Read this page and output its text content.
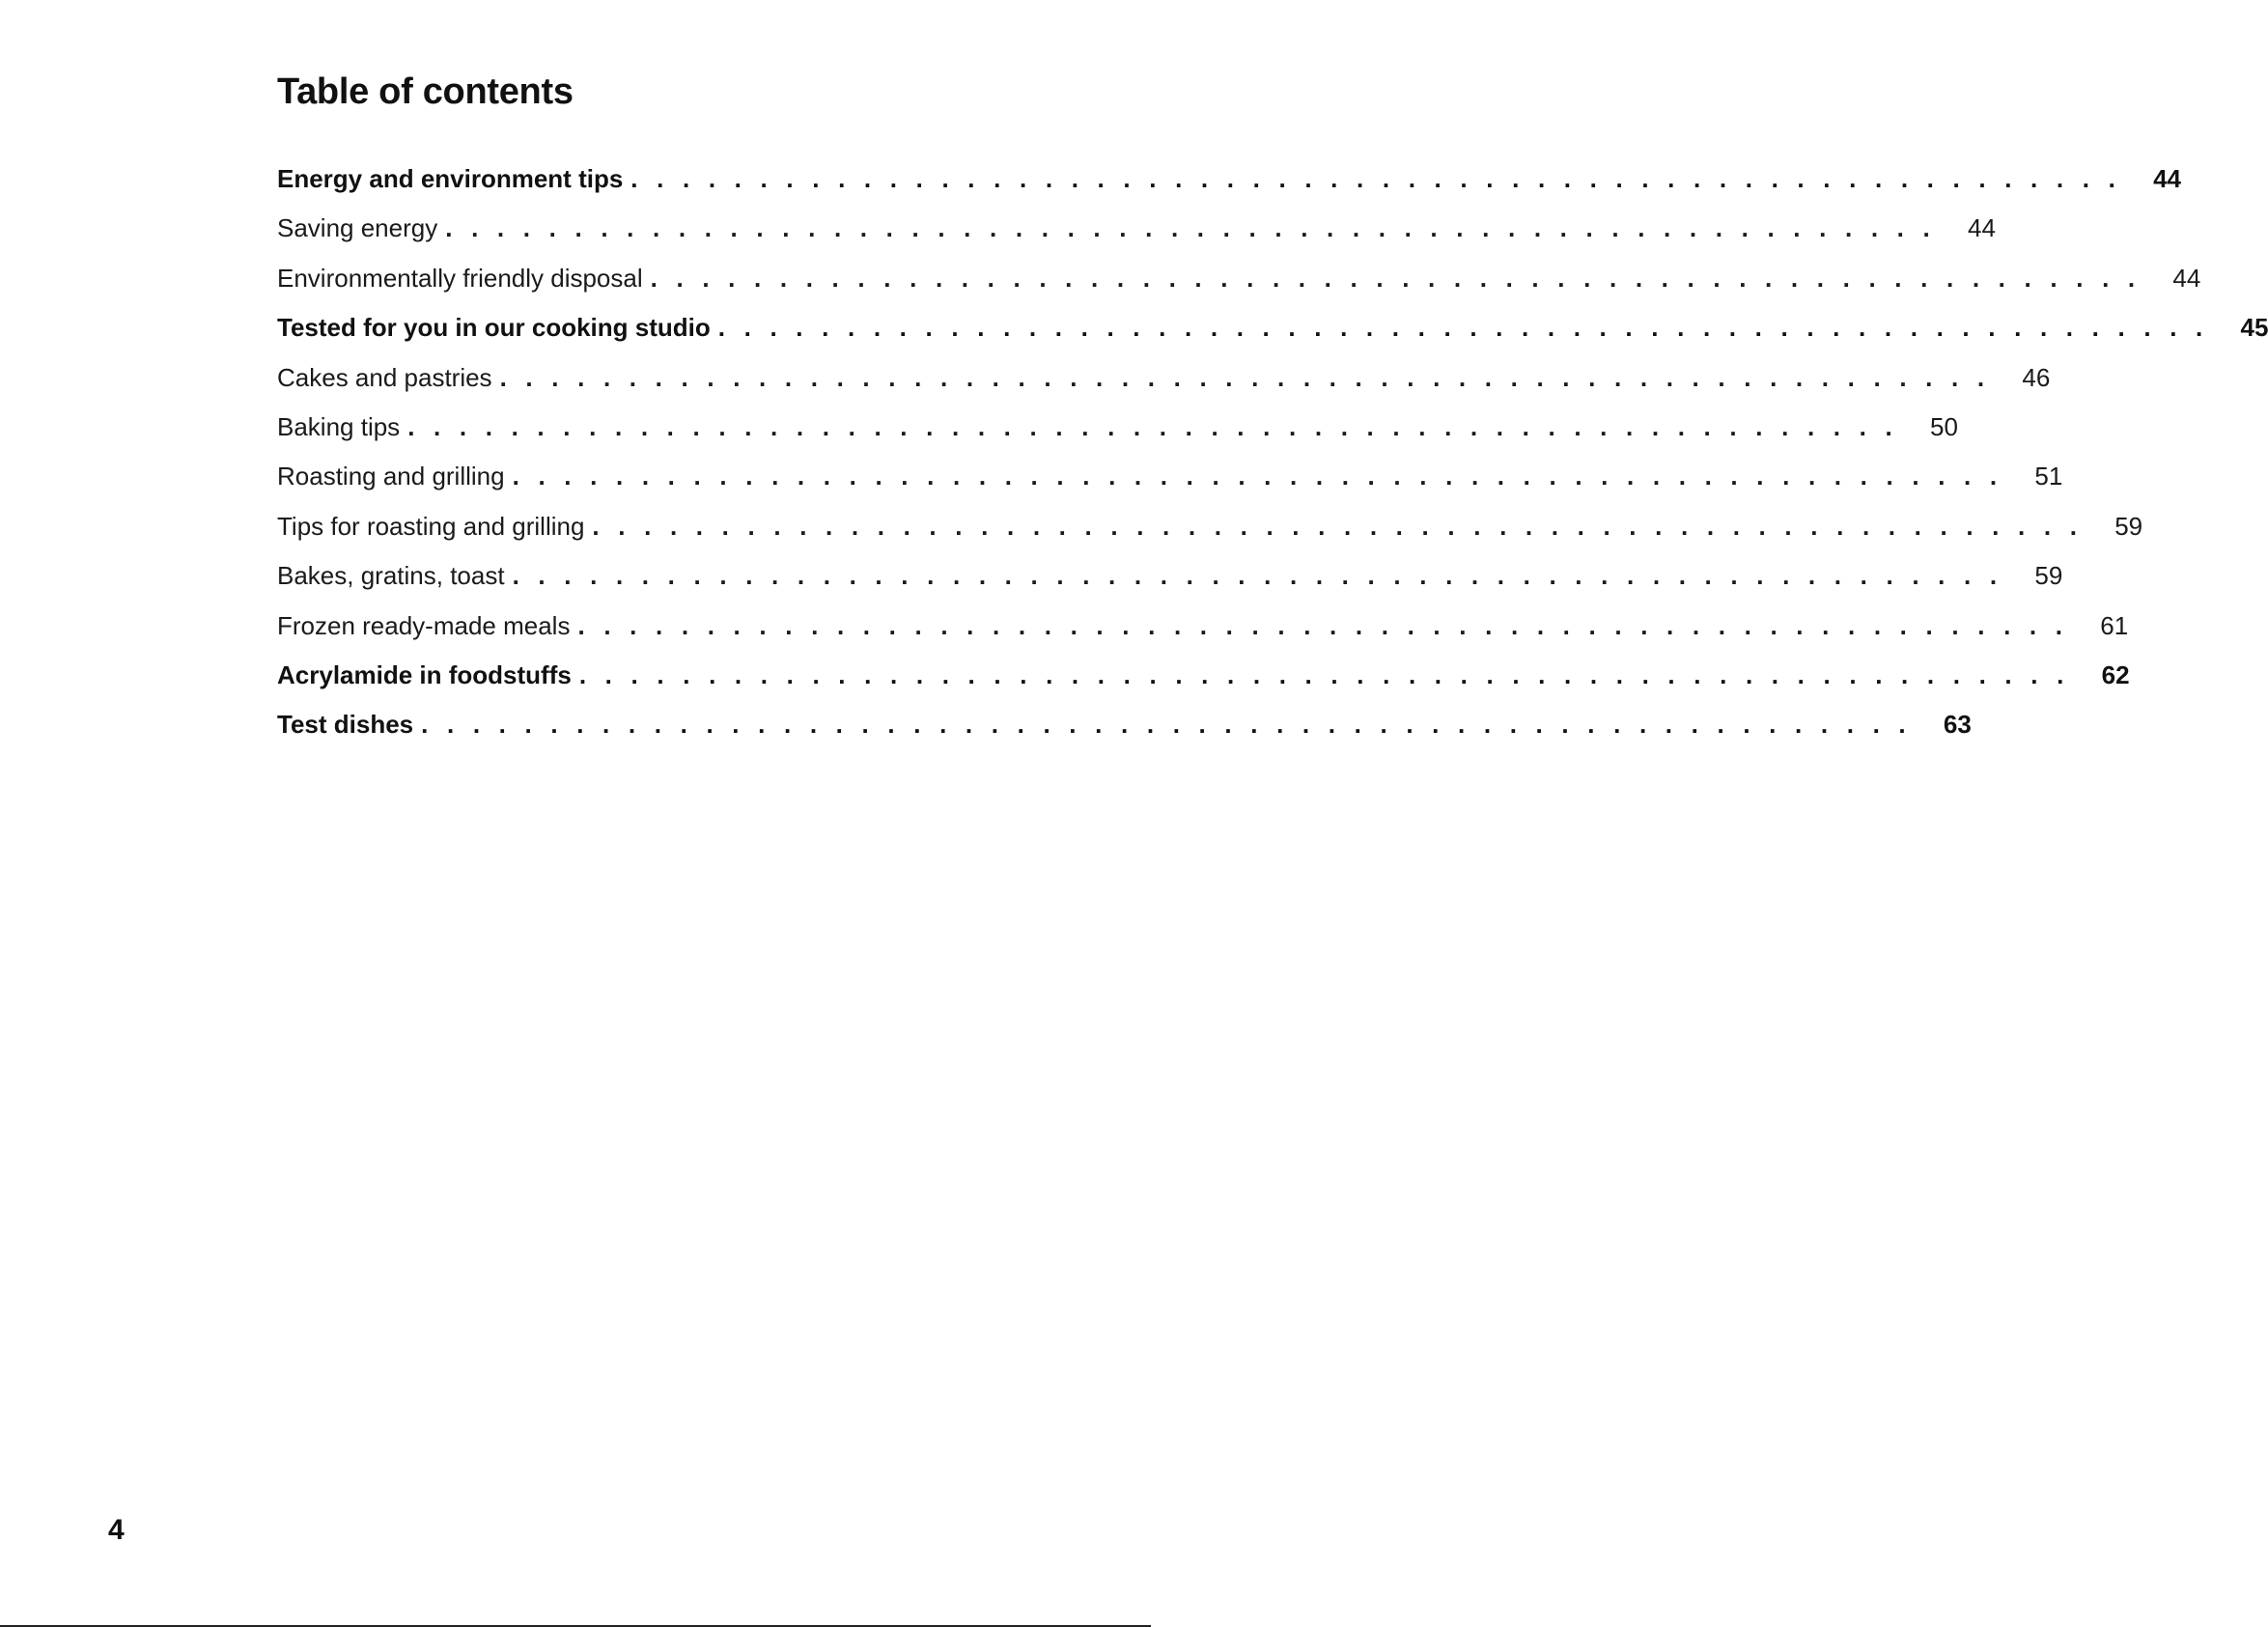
Table of contents
Energy and environment tips . . . . . . . . . . . . . . . . . . . . . . . . . . . . . . . . . . . . . . . . . . . . . . . . . . . . . . . . . .	44
Saving energy . . . . . . . . . . . . . . . . . . . . . . . . . . . . . . . . . . . . . . . . . . . . . . . . . . . . . . . . . .	44
Environmentally friendly disposal . . . . . . . . . . . . . . . . . . . . . . . . . . . . . . . . . . . . . . . . . . . . . . . . . . . . . . . . . .	44
Tested for you in our cooking studio . . . . . . . . . . . . . . . . . . . . . . . . . . . . . . . . . . . . . . . . . . . . . . . . . . . . . . . . . .	45
Cakes and pastries . . . . . . . . . . . . . . . . . . . . . . . . . . . . . . . . . . . . . . . . . . . . . . . . . . . . . . . . . .	46
Baking tips . . . . . . . . . . . . . . . . . . . . . . . . . . . . . . . . . . . . . . . . . . . . . . . . . . . . . . . . . .	50
Roasting and grilling . . . . . . . . . . . . . . . . . . . . . . . . . . . . . . . . . . . . . . . . . . . . . . . . . . . . . . . . . .	51
Tips for roasting and grilling . . . . . . . . . . . . . . . . . . . . . . . . . . . . . . . . . . . . . . . . . . . . . . . . . . . . . . . . . .	59
Bakes, gratins, toast . . . . . . . . . . . . . . . . . . . . . . . . . . . . . . . . . . . . . . . . . . . . . . . . . . . . . . . . . .	59
Frozen ready-made meals . . . . . . . . . . . . . . . . . . . . . . . . . . . . . . . . . . . . . . . . . . . . . . . . . . . . . . . . . .	61
Acrylamide in foodstuffs . . . . . . . . . . . . . . . . . . . . . . . . . . . . . . . . . . . . . . . . . . . . . . . . . . . . . . . . . .	62
Test dishes . . . . . . . . . . . . . . . . . . . . . . . . . . . . . . . . . . . . . . . . . . . . . . . . . . . . . . . . . .	63

4
